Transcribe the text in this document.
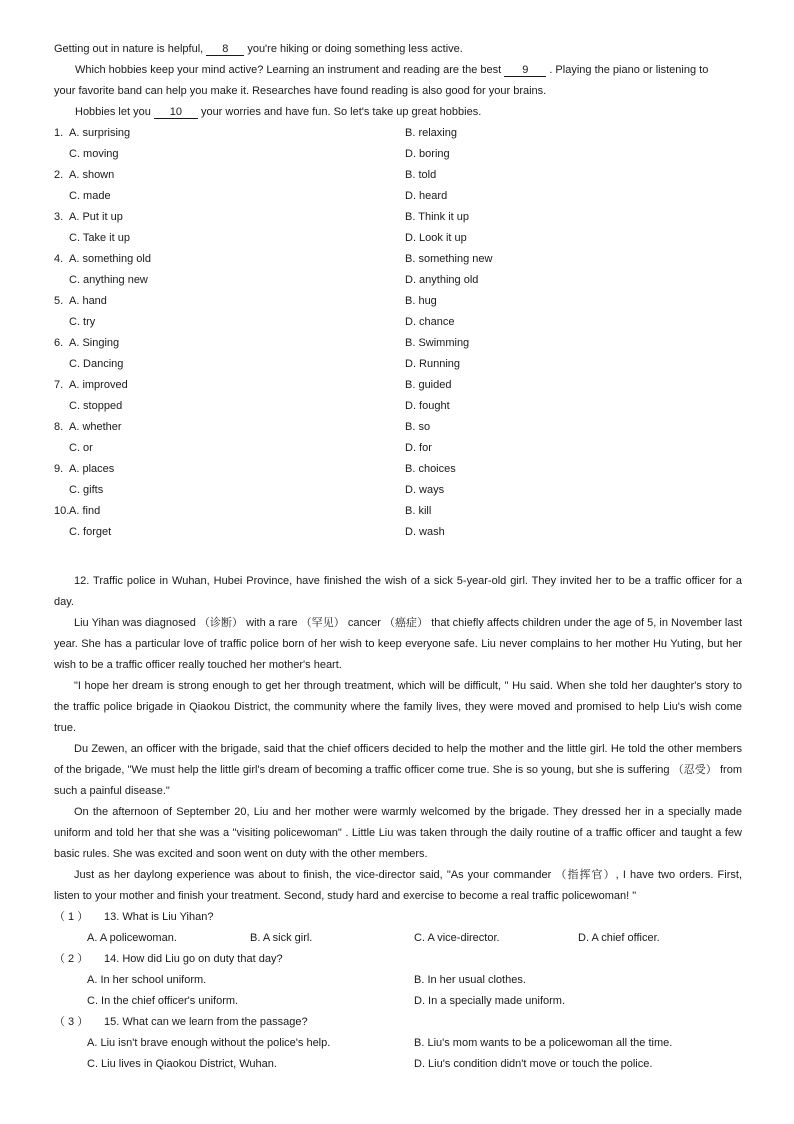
Getting out in nature is helpful, 8 you're hiking or doing something less active.
Which hobbies keep your mind active? Learning an instrument and reading are the best 9 . Playing the piano or listening to
your favorite band can help you make it. Researches have found reading is also good for your brains.
Hobbies let you 10 your worries and have fun. So let's take up great hobbies.
1. A. surprising	B. relaxing
C. moving	D. boring
2. A. shown	B. told
C. made	D. heard
3. A. Put it up	B. Think it up
C. Take it up	D. Look it up
4. A. something old	B. something new
C. anything new	D. anything old
5. A. hand	B. hug
C. try	D. chance
6. A. Singing	B. Swimming
C. Dancing	D. Running
7. A. improved	B. guided
C. stopped	D. fought
8. A. whether	B. so
C. or	D. for
9. A. places	B. choices
C. gifts	D. ways
10. A. find	B. kill
C. forget	D. wash
12. Traffic police in Wuhan, Hubei Province, have finished the wish of a sick 5-year-old girl. They invited her to be a traffic officer for a day.
Liu Yihan was diagnosed （诊断） with a rare （罕见） cancer （癌症） that chiefly affects children under the age of 5, in November last year. She has a particular love of traffic police born of her wish to keep everyone safe. Liu never complains to her mother Hu Yuting, but her wish to be a traffic officer really touched her mother's heart.
"I hope her dream is strong enough to get her through treatment, which will be difficult, " Hu said. When she told her daughter's story to the traffic police brigade in Qiaokou District, the community where the family lives, they were moved and promised to help Liu's wish come true.
Du Zewen, an officer with the brigade, said that the chief officers decided to help the mother and the little girl. He told the other members of the brigade, "We must help the little girl's dream of becoming a traffic officer come true. She is so young, but she is suffering （忍受） from such a painful disease."
On the afternoon of September 20, Liu and her mother were warmly welcomed by the brigade. They dressed her in a specially made uniform and told her that she was a "visiting policewoman" . Little Liu was taken through the daily routine of a traffic officer and taught a few basic rules. She was excited and soon went on duty with the other members.
Just as her daylong experience was about to finish, the vice-director said, "As your commander （指挥官）, I have two orders. First, listen to your mother and finish your treatment. Second, study hard and exercise to become a real traffic policewoman! "
（ 1 ） 13. What is Liu Yihan?
A. A policewoman.	B. A sick girl.	C. A vice-director.	D. A chief officer.
（ 2 ） 14. How did Liu go on duty that day?
A. In her school uniform.	B. In her usual clothes.
C. In the chief officer's uniform.	D. In a specially made uniform.
（ 3 ） 15. What can we learn from the passage?
A. Liu isn't brave enough without the police's help.	B. Liu's mom wants to be a policewoman all the time.
C. Liu lives in Qiaokou District, Wuhan.	D. Liu's condition didn't move or touch the police.
